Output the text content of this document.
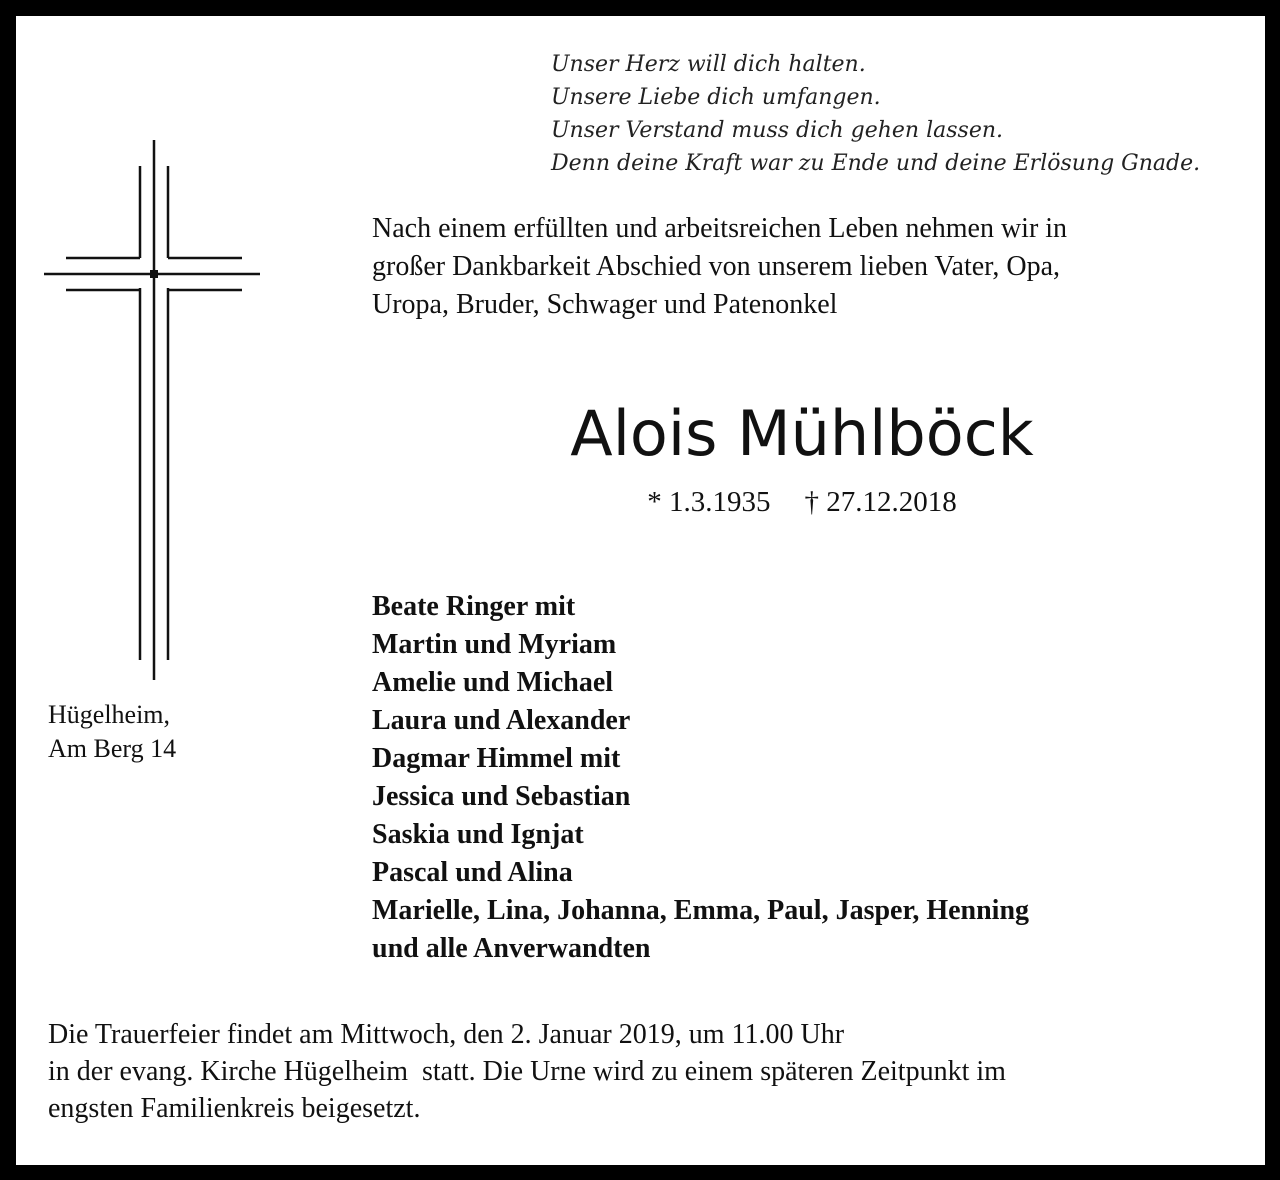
Unser Herz will dich halten.
Unsere Liebe dich umfangen.
Unser Verstand muss dich gehen lassen.
Denn deine Kraft war zu Ende und deine Erlösung Gnade.
Nach einem erfüllten und arbeitsreichen Leben nehmen wir in
großer Dankbarkeit Abschied von unserem lieben Vater, Opa,
Uropa, Bruder, Schwager und Patenonkel
Alois Mühlböck
* 1.3.1935 † 27.12.2018
Beate Ringer mit
Martin und Myriam
Amelie und Michael
Laura und Alexander
Dagmar Himmel mit
Jessica und Sebastian
Saskia und Ignjat
Pascal und Alina
Marielle, Lina, Johanna, Emma, Paul, Jasper, Henning
und alle Anverwandten
Hügelheim,
Am Berg 14
Die Trauerfeier findet am Mittwoch, den 2. Januar 2019, um 11.00 Uhr
in der evang. Kirche Hügelheim  statt. Die Urne wird zu einem späteren Zeitpunkt im
engsten Familienkreis beigesetzt.
